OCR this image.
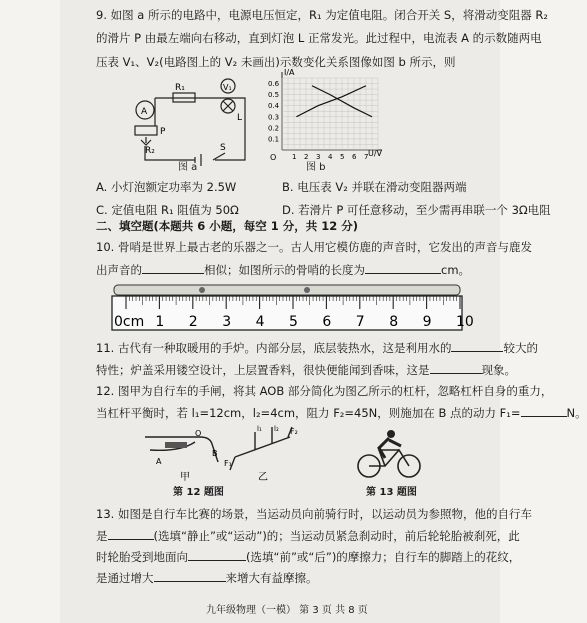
9. 如图 a 所示的电路中，电源电压恒定，R₁ 为定值电阻。闭合开关 S，将滑动变阻器 R₂
的滑片 P 由最左端向右移动，直到灯泡 L 正常发光。此过程中，电流表 A 的示数随两电
压表 V₁、V₂(电路图上的 V₂ 未画出)示数变化关系图像如图 b 所示，则
A
V₁
R₁
L
P
R₂	S
图 a
0.6
0.5
0.4
0.3
0.2
0.1
7
6
5
4
3
2
1
I/A
U/V
O
图 b
A. 小灯泡额定功率为 2.5W	B. 电压表 V₂ 并联在滑动变阻器两端
C. 定值电阻 R₁ 阻值为 50Ω	D. 若滑片 P 可任意移动，至少需再串联一个 3Ω电阻
二、填空题(本题共 6 小题，每空 1 分，共 12 分)
10. 骨哨是世界上最古老的乐器之一。古人用它模仿鹿的声音时，它发出的声音与鹿发
出声音的	相似；如图所示的骨哨的长度为	cm。
1 2 3 4 5 6 7 8 9 10
0cm
11. 古代有一种取暖用的手炉。内部分层，底层装热水，这是利用水的	较大的
特性；炉盖采用镂空设计，上层置香料，很快便能闻到香味，这是	现象。
12. 图甲为自行车的手闸，将其 AOB 部分简化为图乙所示的杠杆，忽略杠杆自身的重力，
当杠杆平衡时，若 l₁=12cm，l₂=4cm，阻力 F₂=45N，则施加在 B 点的动力 F₁=	N。
A
O
B
F₁
F₂
l₁ l₂
甲	乙
第 12 题图	第 13 题图
13. 如图是自行车比赛的场景，当运动员向前骑行时，以运动员为参照物，他的自行车
是	(选填“静止”或“运动”)的；当运动员紧急刹动时，前后轮轮胎被刹死，此
时轮胎受到地面向	(选填“前”或“后”)的摩擦力；自行车的脚踏上的花纹，
是通过增大	来增大有益摩擦。
九年级物理（一模） 第 3 页 共 8 页
